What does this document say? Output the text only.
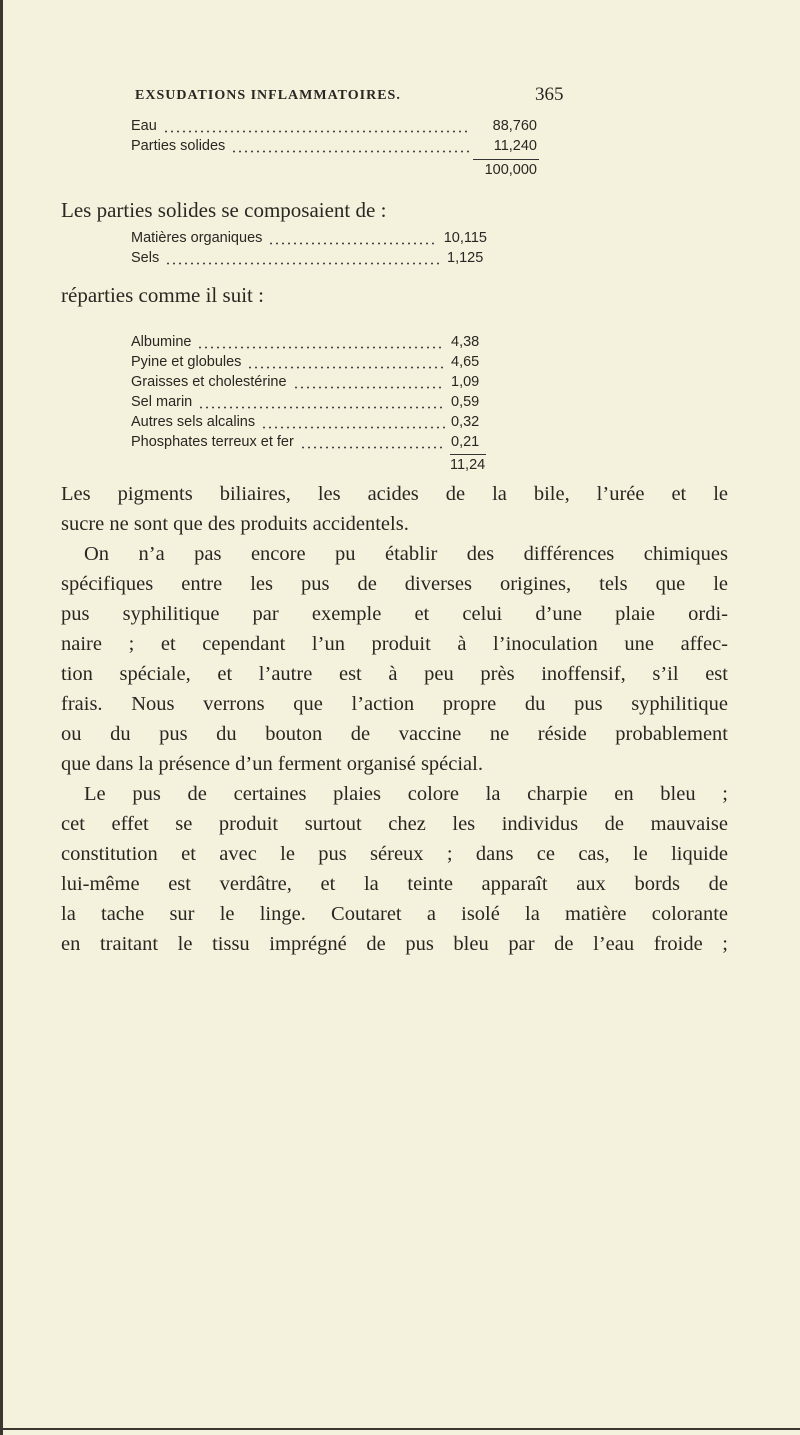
EXSUDATIONS INFLAMMATOIRES.	365
Eau	88,760
Parties solides	11,240
100,000
Les parties solides se composaient de :
Matières organiques	10,115
Sels	1,125
réparties comme il suit :
Albumine	4,38
Pyine et globules	4,65
Graisses et cholestérine	1,09
Sel marin	0,59
Autres sels alcalins	0,32
Phosphates terreux et fer	0,21
11,24
Les pigments biliaires, les acides de la bile, l’urée et le
sucre ne sont que des produits accidentels.
On n’a pas encore pu établir des différences chimiques
spécifiques entre les pus de diverses origines, tels que le
pus syphilitique par exemple et celui d’une plaie ordi-
naire ; et cependant l’un produit à l’inoculation une affec-
tion spéciale, et l’autre est à peu près inoffensif, s’il est
frais. Nous verrons que l’action propre du pus syphilitique
ou du pus du bouton de vaccine ne réside probablement
que dans la présence d’un ferment organisé spécial.
Le pus de certaines plaies colore la charpie en bleu ;
cet effet se produit surtout chez les individus de mauvaise
constitution et avec le pus séreux ; dans ce cas, le liquide
lui-même est verdâtre, et la teinte apparaît aux bords de
la tache sur le linge. Coutaret a isolé la matière colorante
en traitant le tissu imprégné de pus bleu par de l’eau froide ;
